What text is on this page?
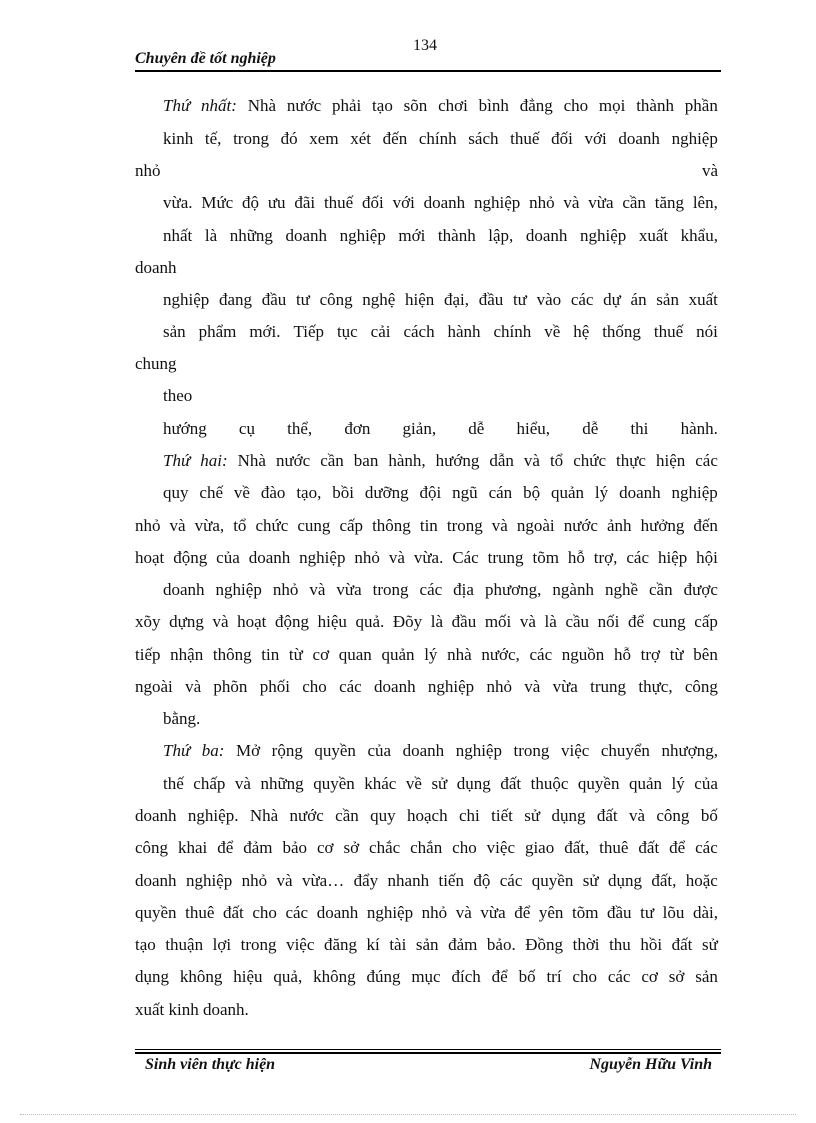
134
Chuyên đề tốt nghiệp
Thứ nhất: Nhà nước phải tạo sõn chơi bình đẳng cho mọi thành phần
kinh tế, trong đó xem xét đến chính sách thuế đối với doanh nghiệp
nhỏ	và
vừa. Mức độ ưu đãi thuế đối với doanh nghiệp nhỏ và vừa cần tăng lên,
nhất là những doanh nghiệp mới thành lập, doanh nghiệp xuất khẩu,
doanh
nghiệp đang đầu tư công nghệ hiện đại, đầu tư vào các dự án sản xuất
sản phẩm mới. Tiếp tục cải cách hành chính về hệ thống thuế nói
chung
theo
hướng cụ thể, đơn giản, dễ hiểu, dễ thi hành.
Thứ hai: Nhà nước cần ban hành, hướng dẫn và tổ chức thực hiện các
quy chế về đào tạo, bồi dưỡng đội ngũ cán bộ quản lý doanh nghiệp
nhỏ và vừa, tổ chức cung cấp thông tin trong và ngoài nước ảnh hưởng đến
hoạt động của doanh nghiệp nhỏ và vừa. Các trung tõm hỗ trợ, các hiệp hội
doanh nghiệp nhỏ và vừa trong các địa phương, ngành nghề cần được
xõy dựng và hoạt động hiệu quả. Đõy là đầu mối và là cầu nối để cung cấp
tiếp nhận thông tin từ cơ quan quản lý nhà nước, các nguồn hỗ trợ từ bên
ngoài và phõn phối cho các doanh nghiệp nhỏ và vừa trung thực, công
bằng.
Thứ ba: Mở rộng quyền của doanh nghiệp trong việc chuyển nhượng,
thế chấp và những quyền khác về sử dụng đất thuộc quyền quản lý của
doanh nghiệp. Nhà nước cần quy hoạch chi tiết sử dụng đất và công bố
công khai để đảm bảo cơ sở chắc chắn cho việc giao đất, thuê đất để các
doanh nghiệp nhỏ và vừa… đẩy nhanh tiến độ các quyền sử dụng đất, hoặc
quyền thuê đất cho các doanh nghiệp nhỏ và vừa để yên tõm đầu tư lõu dài,
tạo thuận lợi trong việc đăng kí tài sản đảm bảo. Đồng thời thu hồi đất sử
dụng không hiệu quả, không đúng mục đích để bố trí cho các cơ sở sản
xuất kinh doanh.
Sinh viên thực hiện	Nguyễn Hữu Vinh
